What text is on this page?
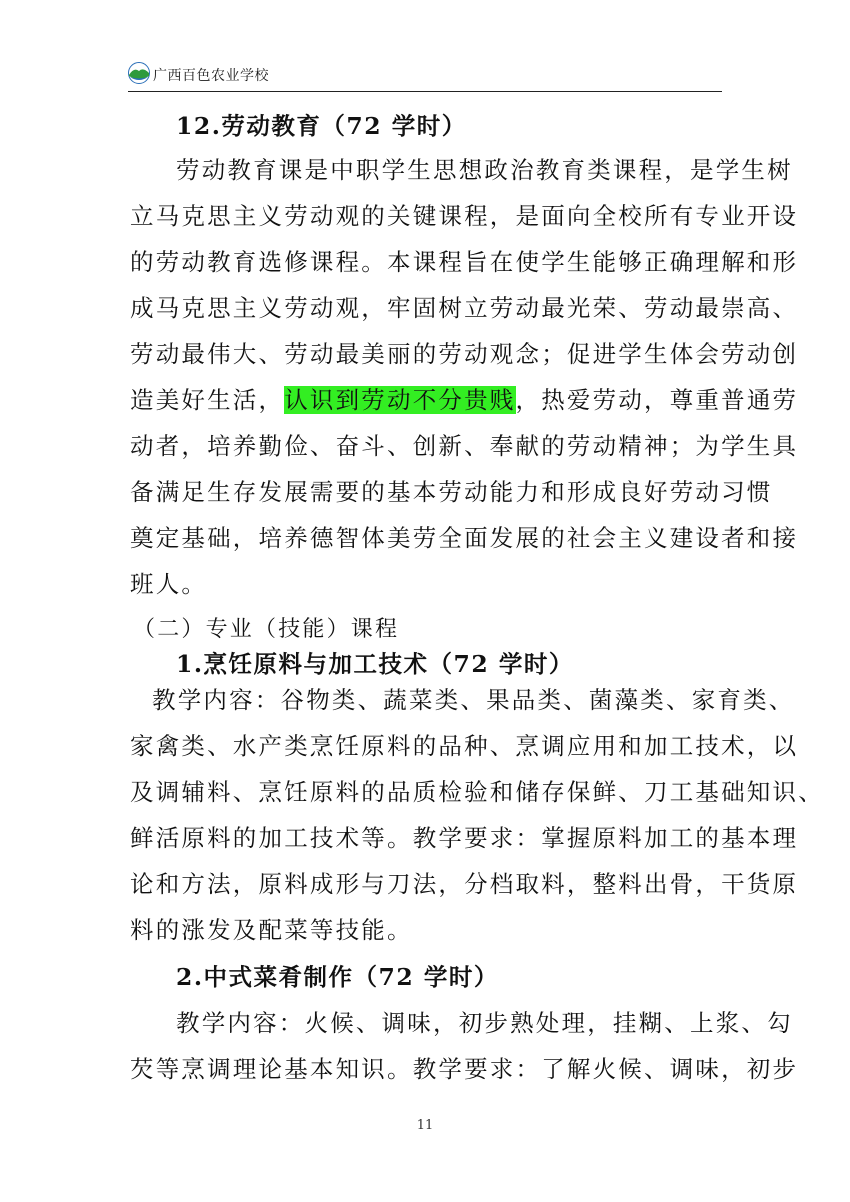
广西百色农业学校
12.劳动教育（72 学时）
劳动教育课是中职学生思想政治教育类课程，是学生树
立马克思主义劳动观的关键课程，是面向全校所有专业开设
的劳动教育选修课程。本课程旨在使学生能够正确理解和形
成马克思主义劳动观，牢固树立劳动最光荣、劳动最崇高、
劳动最伟大、劳动最美丽的劳动观念；促进学生体会劳动创
造美好生活，认识到劳动不分贵贱，热爱劳动，尊重普通劳
动者，培养勤俭、奋斗、创新、奉献的劳动精神；为学生具
备满足生存发展需要的基本劳动能力和形成良好劳动习惯
奠定基础，培养德智体美劳全面发展的社会主义建设者和接
班人。
（二）专业（技能）课程
1.烹饪原料与加工技术（72 学时）
教学内容：谷物类、蔬菜类、果品类、菌藻类、家育类、
家禽类、水产类烹饪原料的品种、烹调应用和加工技术，以
及调辅料、烹饪原料的品质检验和储存保鲜、刀工基础知识、
鲜活原料的加工技术等。教学要求：掌握原料加工的基本理
论和方法，原料成形与刀法，分档取料，整料出骨，干货原
料的涨发及配菜等技能。
2.中式菜肴制作（72 学时）
教学内容：火候、调味，初步熟处理，挂糊、上浆、勾
芡等烹调理论基本知识。教学要求：了解火候、调味，初步
11
